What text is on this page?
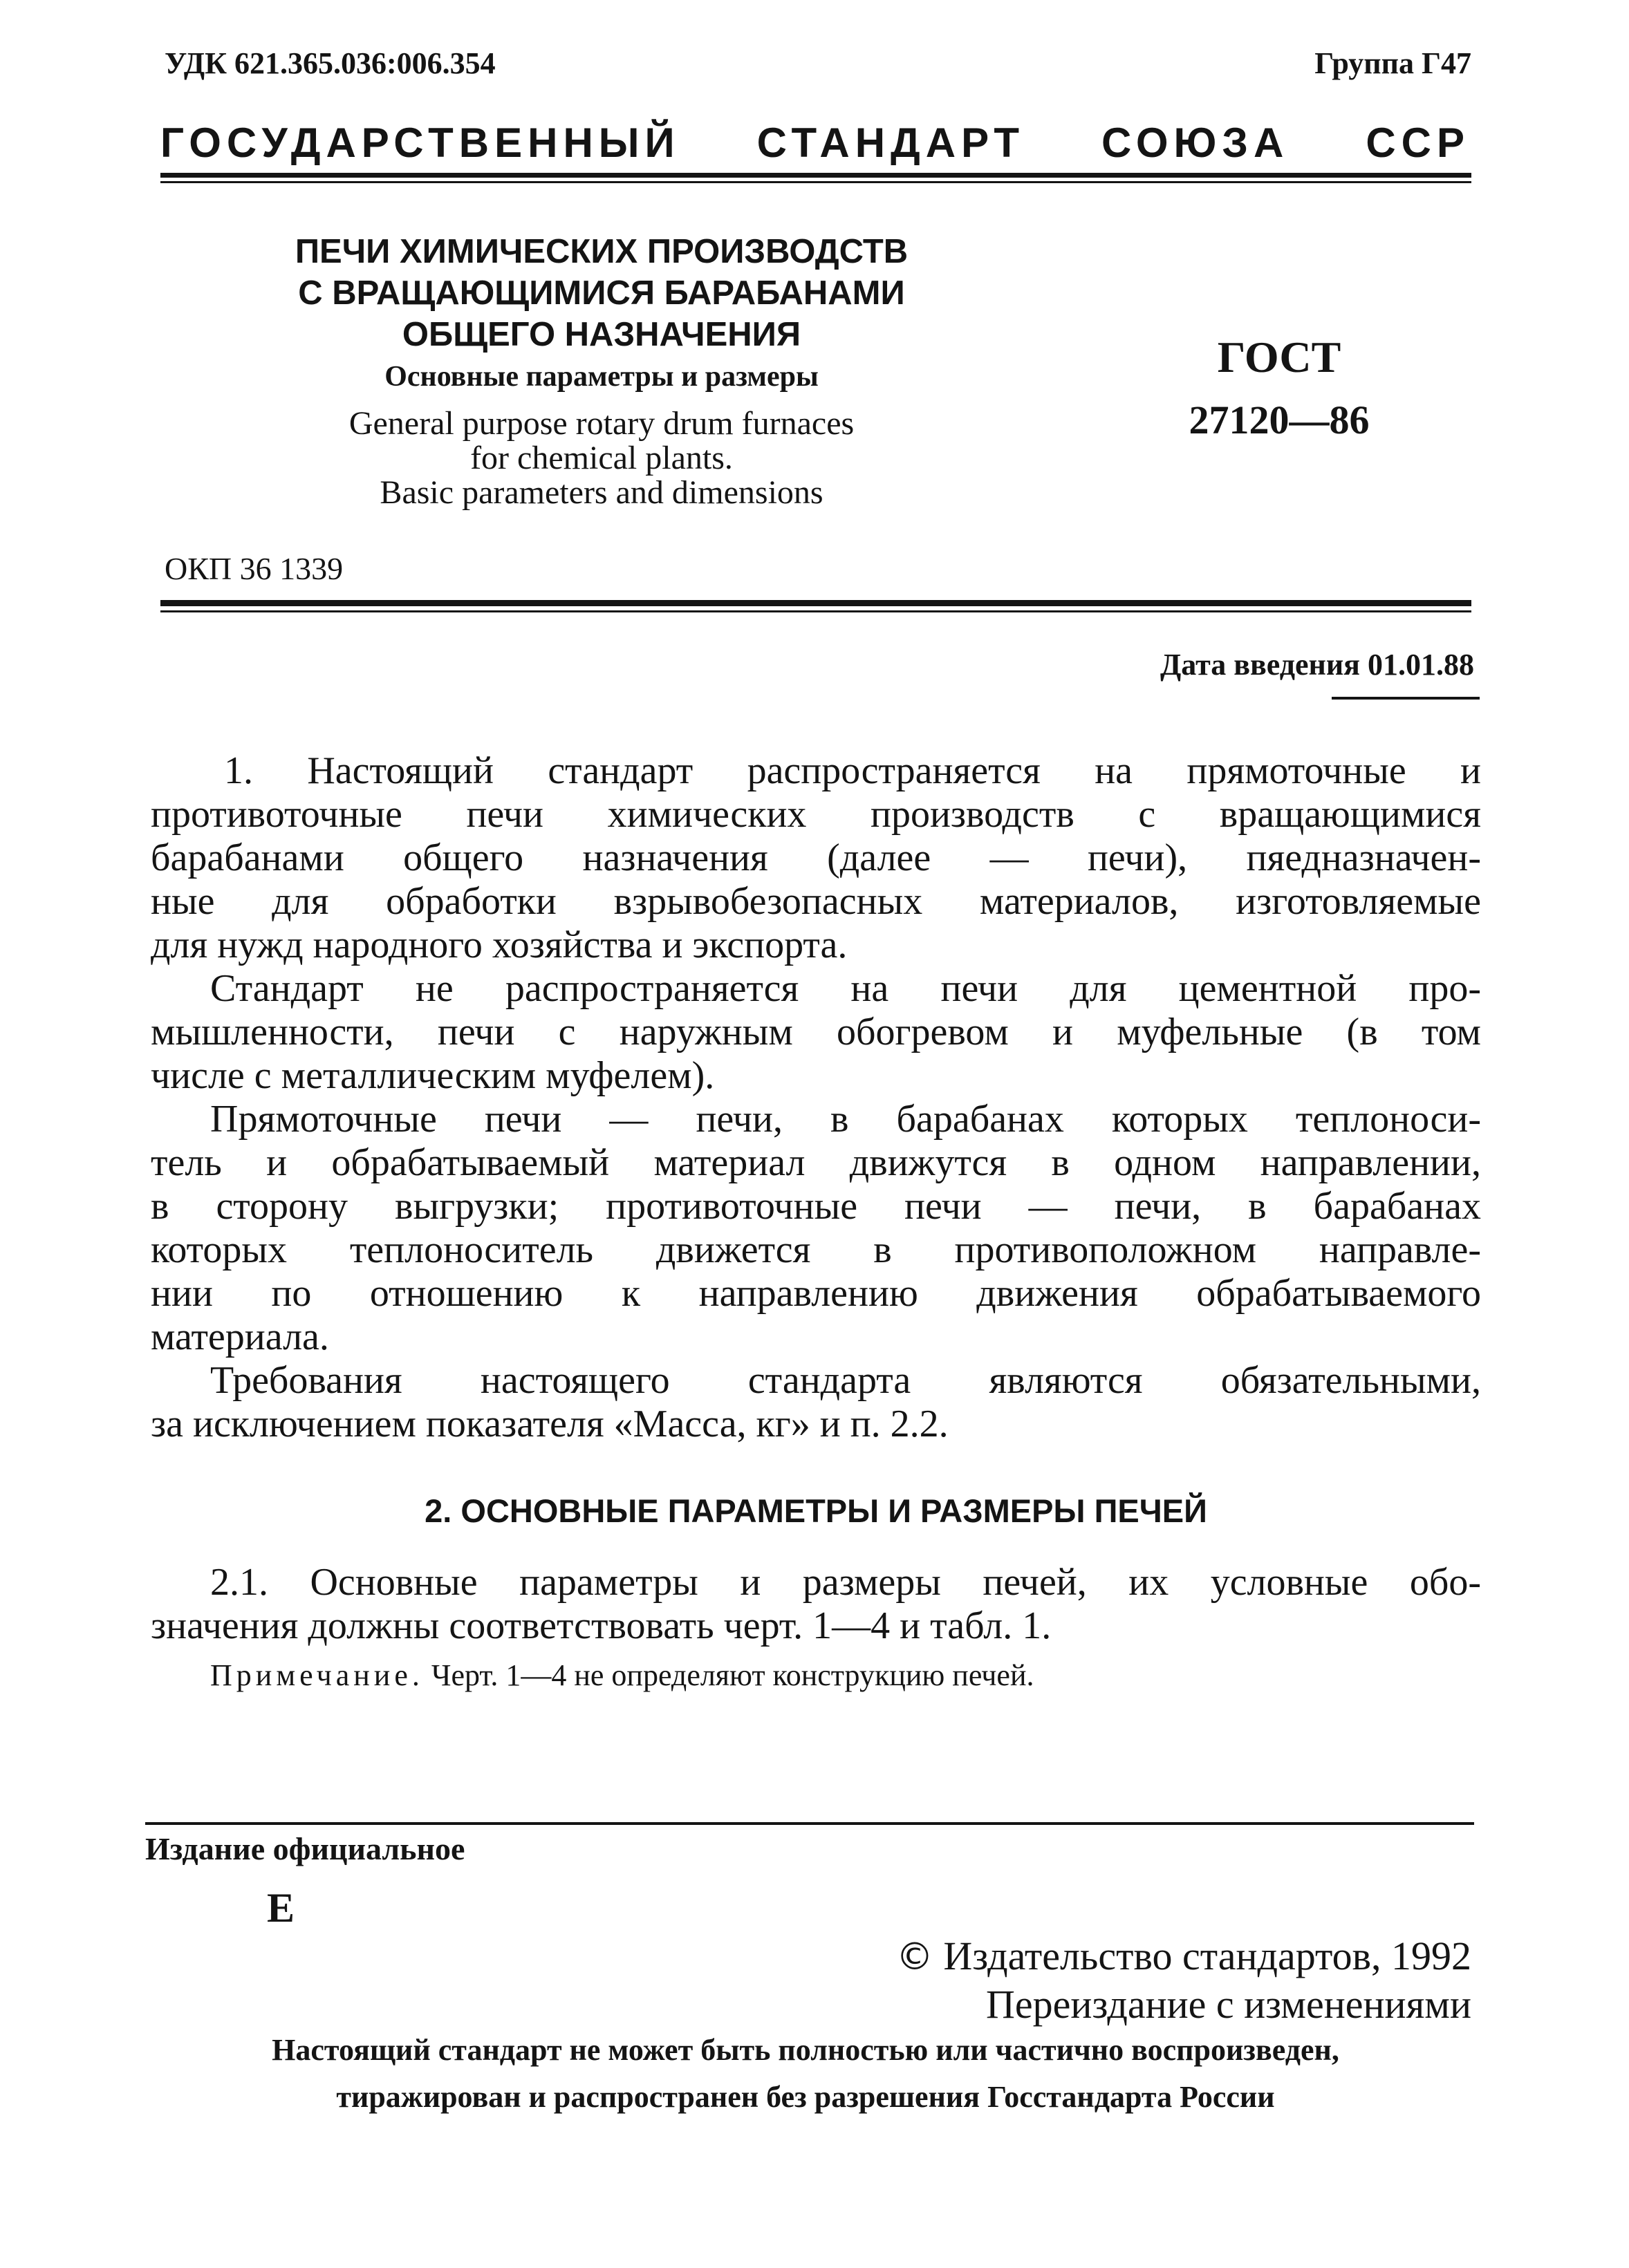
УДК 621.365.036:006.354	Группа Г47
ГОСУДАРСТВЕННЫЙ СТАНДАРТ СОЮЗА ССР
ПЕЧИ ХИМИЧЕСКИХ ПРОИЗВОДСТВ
С ВРАЩАЮЩИМИСЯ БАРАБАНАМИ
ОБЩЕГО НАЗНАЧЕНИЯ
Основные параметры и размеры
General purpose rotary drum furnaces
for chemical plants.
Basic parameters and dimensions
ГОСТ
27120—86
ОКП 36 1339
Дата введения 01.01.88
1. Настоящий стандарт распространяется на прямоточные и
противоточные печи химических производств с вращающимися
барабанами общего назначения (далее — печи), пяедназначен-
ные для обработки взрывобезопасных материалов, изготовляемые
для нужд народного хозяйства и экспорта.
Стандарт не распространяется на печи для цементной про-
мышленности, печи с наружным обогревом и муфельные (в том
числе с металлическим муфелем).
Прямоточные печи — печи, в барабанах которых теплоноси-
тель и обрабатываемый материал движутся в одном направлении,
в сторону выгрузки; противоточные печи — печи, в барабанах
которых теплоноситель движется в противоположном направле-
нии по отношению к направлению движения обрабатываемого
материала.
Требования настоящего стандарта являются обязательными,
за исключением показателя «Масса, кг» и п. 2.2.
2. ОСНОВНЫЕ ПАРАМЕТРЫ И РАЗМЕРЫ ПЕЧЕЙ
2.1. Основные параметры и размеры печей, их условные обо-
значения должны соответствовать черт. 1—4 и табл. 1.
Примечание. Черт. 1—4 не определяют конструкцию печей.
Издание официальное
Е
© Издательство стандартов, 1992
Переиздание с изменениями
Настоящий стандарт не может быть полностью или частично воспроизведен,
тиражирован и распространен без разрешения Госстандарта России
